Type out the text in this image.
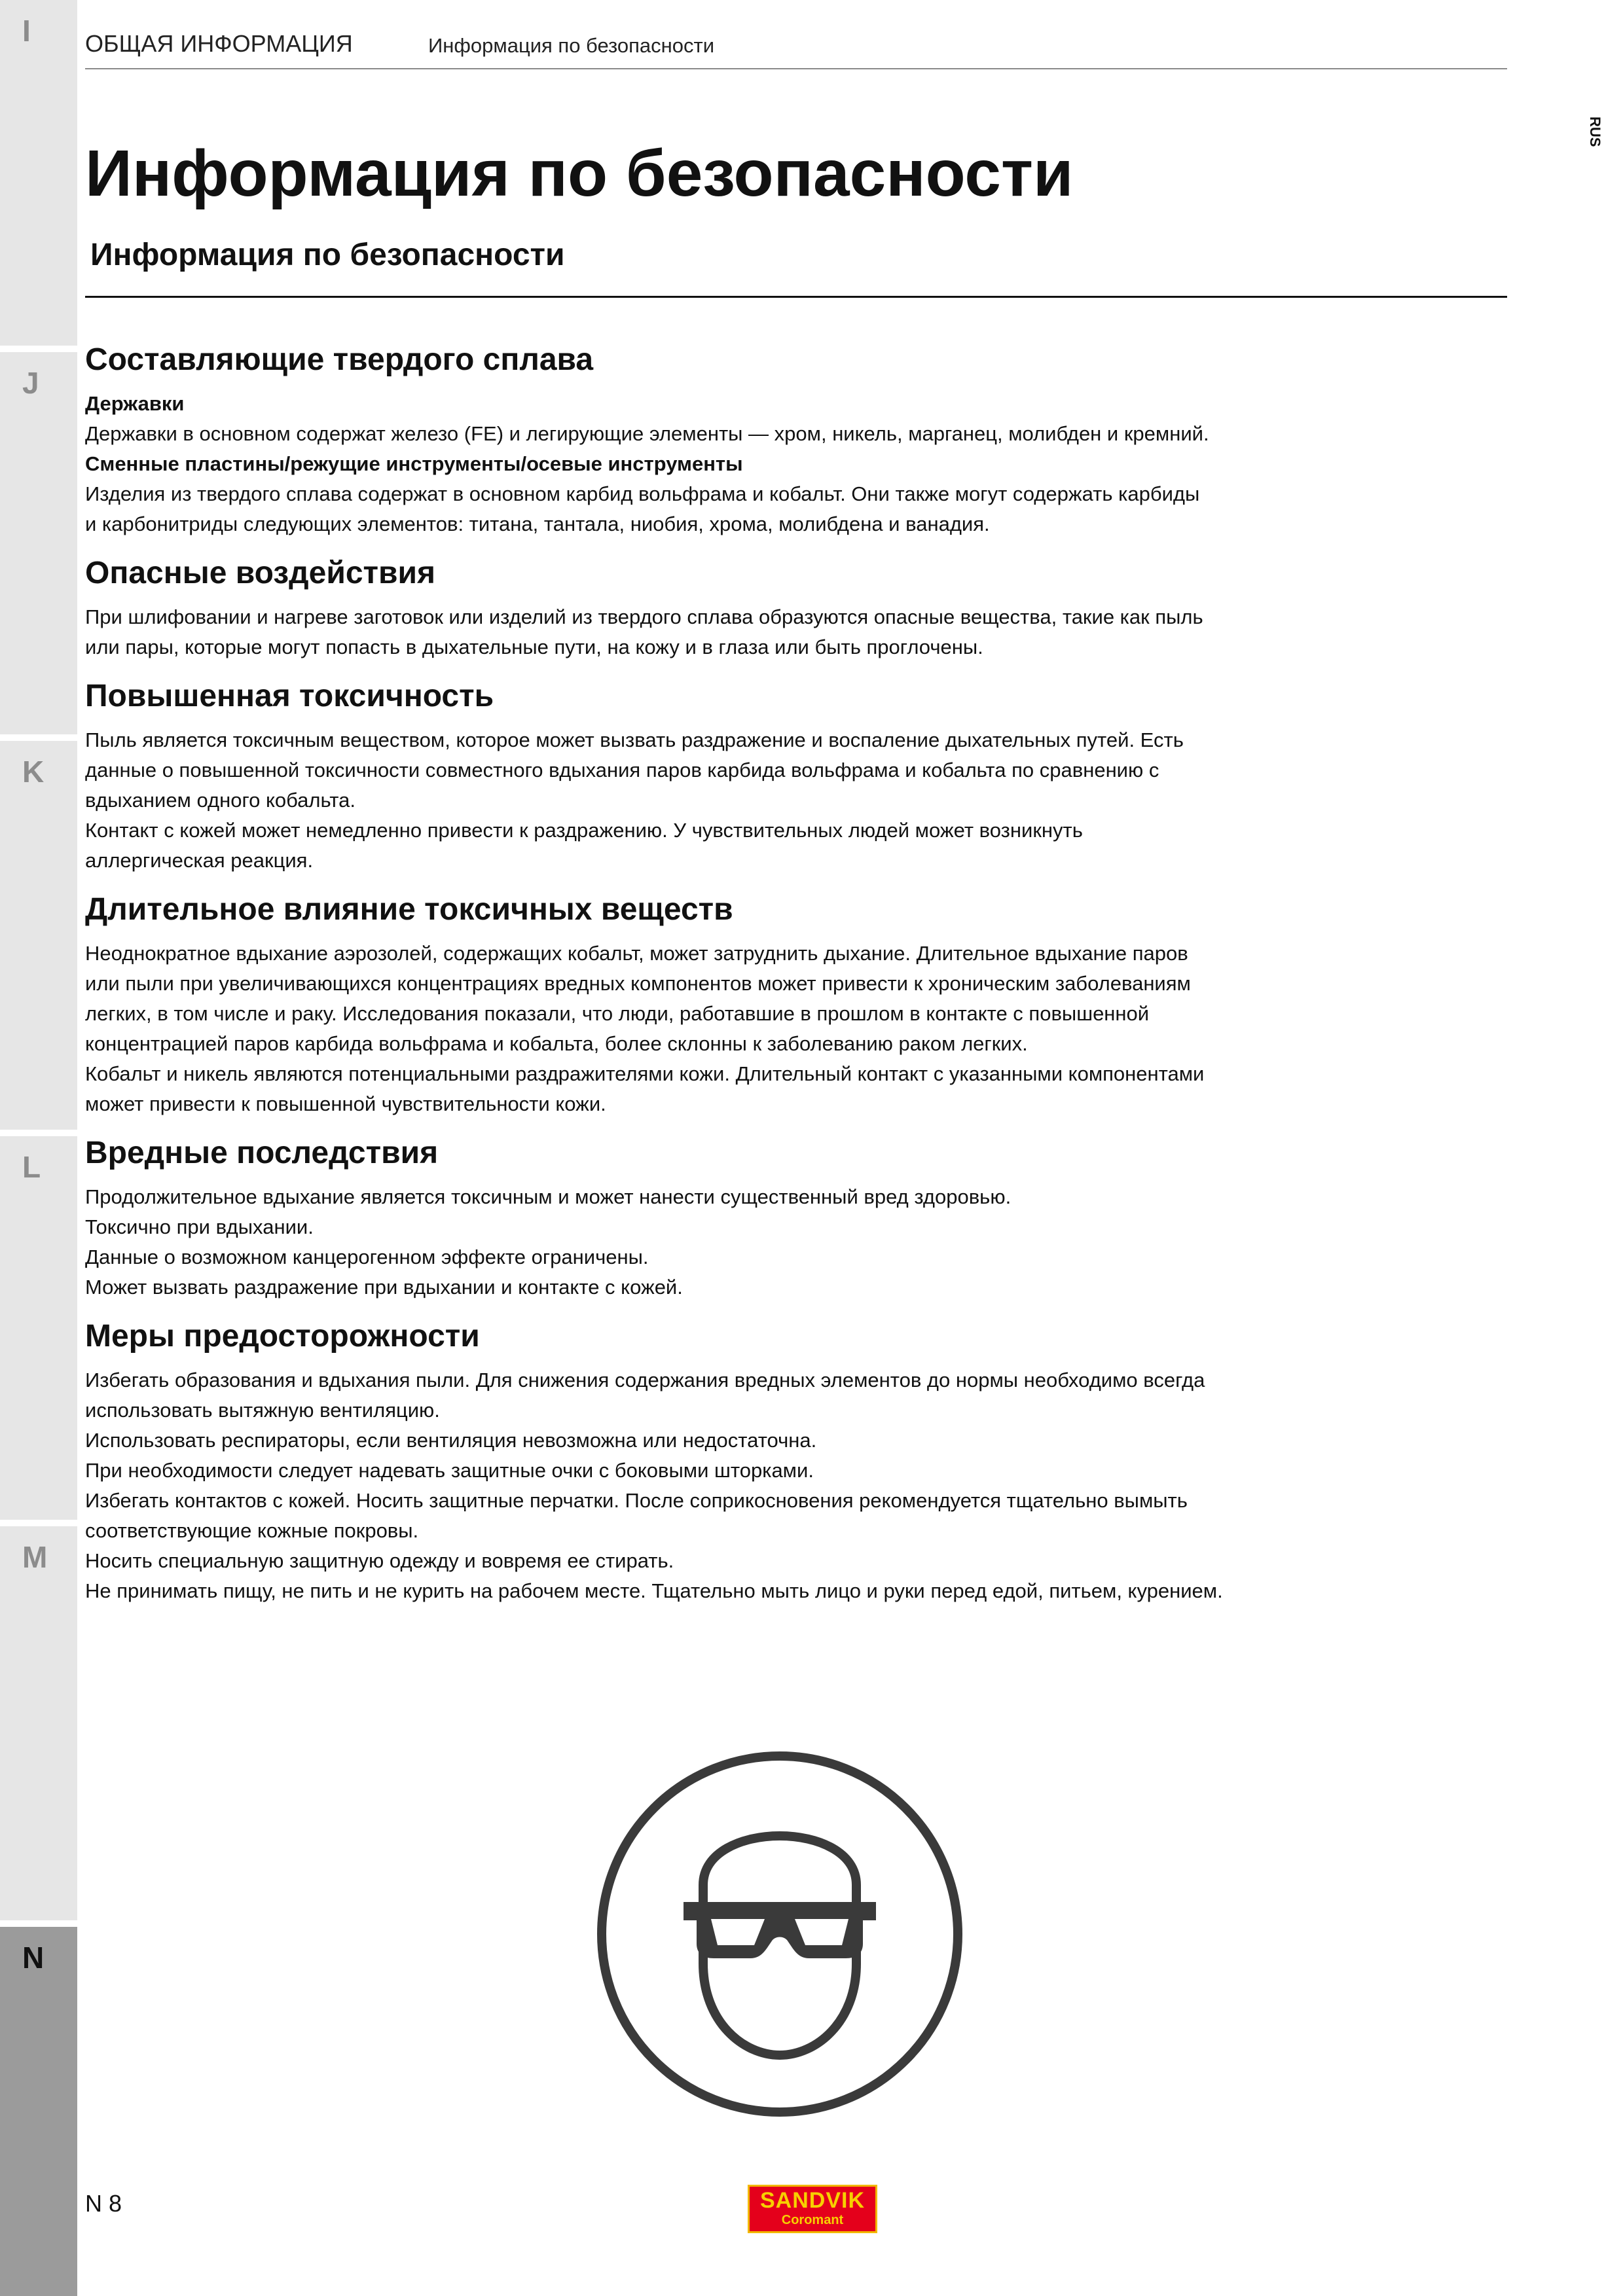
I
J
K
L
M
N
ОБЩАЯ ИНФОРМАЦИЯ	Информация по безопасности
RUS
Информация по безопасности
Информация по безопасности
Составляющие твердого сплава
Державки

Державки в основном содержат железо (FE) и легирующие элементы — хром, никель, марганец, молибден и кремний.

Сменные пластины/режущие инструменты/осевые инструменты

Изделия из твердого сплава содержат в основном карбид вольфрама и кобальт. Они также могут содержать карбиды

и карбонитриды следующих элементов: титана, тантала, ниобия, хрома, молибдена и ванадия.

Опасные воздействия

При шлифовании и нагреве заготовок или изделий из твердого сплава образуются опасные вещества, такие как пыль

или пары, которые могут попасть в дыхательные пути, на кожу и в глаза или быть проглочены.

Повышенная токсичность

Пыль является токсичным веществом, которое может вызвать раздражение и воспаление дыхательных путей. Есть

данные о повышенной токсичности совместного вдыхания паров карбида вольфрама и кобальта по сравнению с

вдыханием одного кобальта.

Контакт с кожей может немедленно привести к раздражению. У чувствительных людей может возникнуть

аллергическая реакция.

Длительное влияние токсичных веществ

Неоднократное вдыхание аэрозолей, содержащих кобальт, может затруднить дыхание. Длительное вдыхание паров

или пыли при увеличивающихся концентрациях вредных компонентов может привести к хроническим заболеваниям

легких, в том числе и раку. Исследования показали, что люди, работавшие в прошлом в контакте с повышенной

концентрацией паров карбида вольфрама и кобальта, более склонны к заболеванию раком легких.

Кобальт и никель являются потенциальными раздражителями кожи. Длительный контакт с указанными компонентами

может привести к повышенной чувствительности кожи.

Вредные последствия

Продолжительное вдыхание является токсичным и может нанести существенный вред здоровью.

Токсично при вдыхании.

Данные о возможном канцерогенном эффекте ограничены.

Может вызвать раздражение при вдыхании и контакте с кожей.

Меры предосторожности

Избегать образования и вдыхания пыли. Для снижения содержания вредных элементов до нормы необходимо всегда

использовать вытяжную вентиляцию.

Использовать респираторы, если вентиляция невозможна или недостаточна.

При необходимости следует надевать защитные очки с боковыми шторками.

Избегать контактов с кожей. Носить защитные перчатки. После соприкосновения рекомендуется тщательно вымыть

соответствующие кожные покровы.

Носить специальную защитную одежду и вовремя ее стирать.

Не принимать пищу, не пить и не курить на рабочем месте. Тщательно мыть лицо и руки перед едой, питьем, курением.

N 8	SANDVIK
Coromant
